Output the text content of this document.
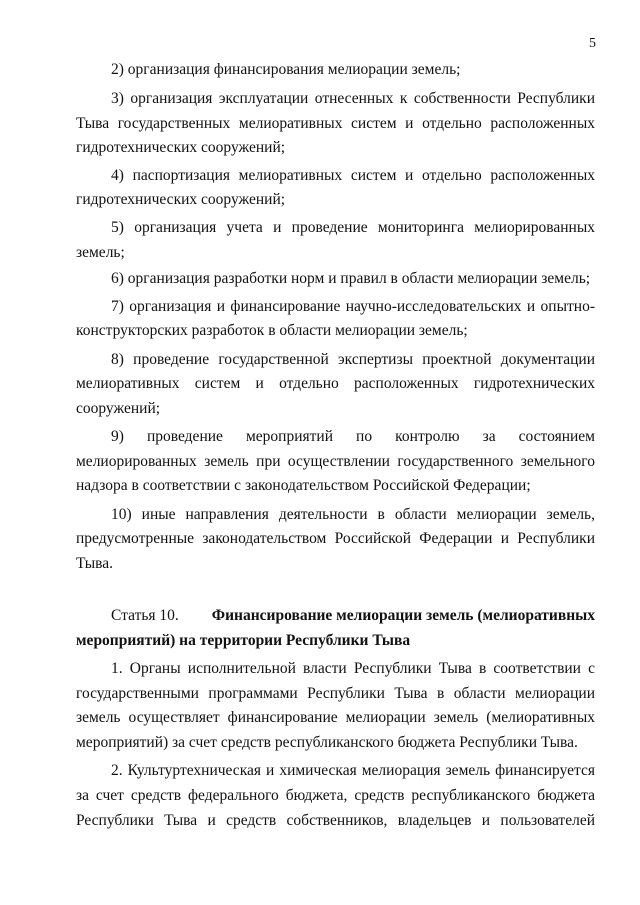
5
2) организация финансирования мелиорации земель;
3) организация эксплуатации отнесенных к собственности Республики
Тыва государственных мелиоративных систем и отдельно расположенных
гидротехнических сооружений;
4) паспортизация мелиоративных систем и отдельно расположенных
гидротехнических сооружений;
5) организация учета и проведение мониторинга мелиорированных
земель;
6) организация разработки норм и правил в области мелиорации земель;
7) организация и финансирование научно-исследовательских и опытно-
конструкторских разработок в области мелиорации земель;
8) проведение государственной экспертизы проектной документации
мелиоративных систем и отдельно расположенных гидротехнических
сооружений;
9) проведение мероприятий по контролю за состоянием
мелиорированных земель при осуществлении государственного земельного
надзора в соответствии с законодательством Российской Федерации;
10) иные направления деятельности в области мелиорации земель,
предусмотренные законодательством Российской Федерации и Республики
Тыва.
Статья 10. Финансирование мелиорации земель (мелиоративных
мероприятий) на территории Республики Тыва
1. Органы исполнительной власти Республики Тыва в соответствии с
государственными программами Республики Тыва в области мелиорации
земель осуществляет финансирование мелиорации земель (мелиоративных
мероприятий) за счет средств республиканского бюджета Республики Тыва.
2. Культуртехническая и химическая мелиорация земель финансируется
за счет средств федерального бюджета, средств республиканского бюджета
Республики Тыва и средств собственников, владельцев и пользователей
